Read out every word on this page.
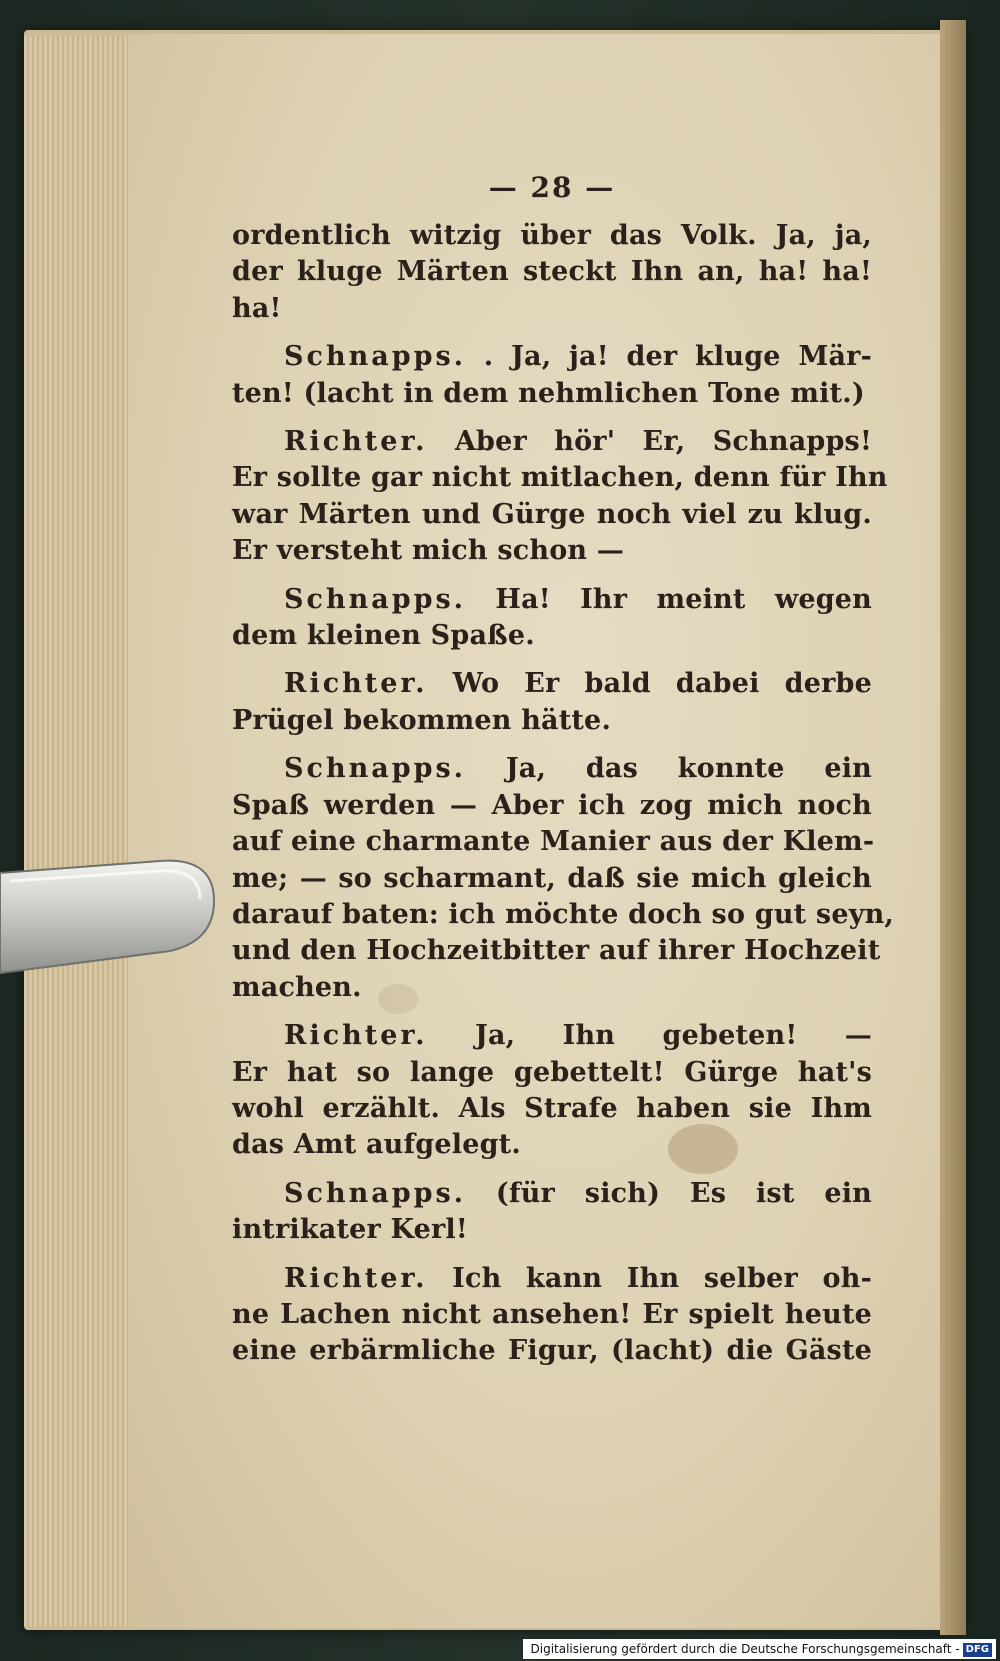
— 28 —
ordentlich witzig über das Volk. Ja, ja,
der kluge Märten steckt Ihn an, ha! ha!
ha!
Schnapps. . Ja, ja! der kluge Mär-
ten! (lacht in dem nehmlichen Tone mit.)
Richter. Aber hör' Er, Schnapps!
Er sollte gar nicht mitlachen, denn für Ihn
war Märten und Gürge noch viel zu klug.
Er versteht mich schon —
Schnapps. Ha! Ihr meint wegen
dem kleinen Spaße.
Richter. Wo Er bald dabei derbe
Prügel bekommen hätte.
Schnapps. Ja, das konnte ein
Spaß werden — Aber ich zog mich noch
auf eine charmante Manier aus der Klem-
me; — so scharmant, daß sie mich gleich
darauf baten: ich möchte doch so gut seyn,
und den Hochzeitbitter auf ihrer Hochzeit
machen.
Richter. Ja, Ihn gebeten! —
Er hat so lange gebettelt! Gürge hat's
wohl erzählt. Als Strafe haben sie Ihm
das Amt aufgelegt.
Schnapps. (für sich) Es ist ein
intrikater Kerl!
Richter. Ich kann Ihn selber oh-
ne Lachen nicht ansehen! Er spielt heute
eine erbärmliche Figur, (lacht) die Gäste
Digitalisierung gefördert durch die Deutsche Forschungsgemeinschaft - DFG
